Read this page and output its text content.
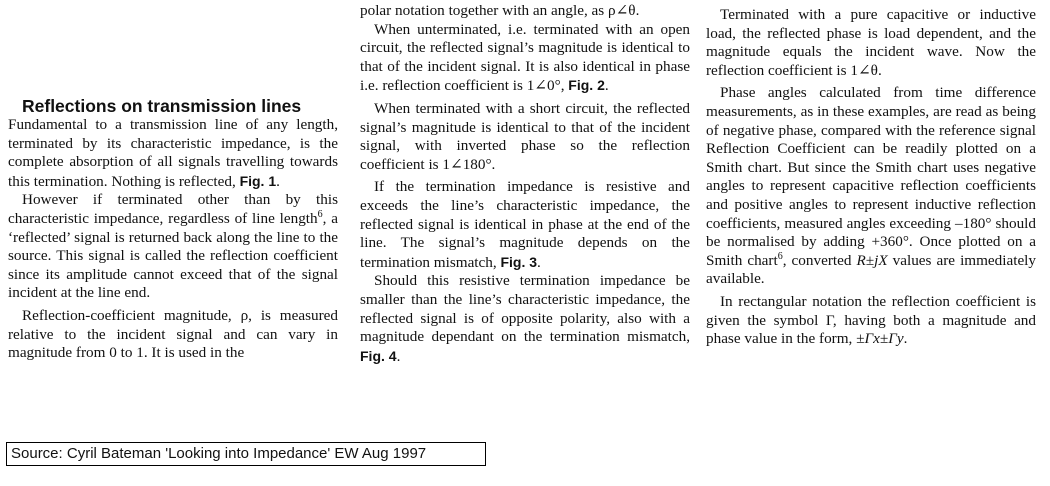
Reflections on transmission lines

Fundamental to a transmission line of any length, terminated by its characteristic impedance, is the complete absorption of all signals travelling towards this termination. Nothing is reflected, Fig. 1.

However if terminated other than by this characteristic impedance, regardless of line length$^6$, a ‘reflected’ signal is returned back along the line to the source. This signal is called the reflection coefficient since its amplitude cannot exceed that of the signal incident at the line end.

Reflection-coefficient magnitude, ρ, is measured relative to the incident signal and can vary in magnitude from 0 to 1. It is used in the

polar notation together with an angle, as ρ∠θ.

When unterminated, i.e. terminated with an open circuit, the reflected signal’s magnitude is identical to that of the incident signal. It is also identical in phase i.e. reflection coefficient is 1∠0°, Fig. 2.

When terminated with a short circuit, the reflected signal’s magnitude is identical to that of the incident signal, with inverted phase so the reflection coefficient is 1∠180°.

If the termination impedance is resistive and exceeds the line’s characteristic impedance, the reflected signal is identical in phase at the end of the line. The signal’s magnitude depends on the termination mismatch, Fig. 3.

Should this resistive termination impedance be smaller than the line’s characteristic impedance, the reflected signal is of opposite polarity, also with a magnitude dependant on the termination mismatch, Fig. 4.

Terminated with a pure capacitive or inductive load, the reflected phase is load dependent, and the magnitude equals the incident wave. Now the reflection coefficient is 1∠θ.

Phase angles calculated from time difference measurements, as in these examples, are read as being of negative phase, compared with the reference signal Reflection Coefficient can be readily plotted on a Smith chart. But since the Smith chart uses negative angles to represent capacitive reflection coefficients and positive angles to represent inductive reflection coefficients, measured angles exceeding –180° should be normalised by adding +360°. Once plotted on a Smith chart$^6$, converted R±jX values are immediately available.

In rectangular notation the reflection coefficient is given the symbol Γ, having both a magnitude and phase value in the form, ±Γx±Γy.

Source: Cyril Bateman 'Looking into Impedance' EW Aug 1997
